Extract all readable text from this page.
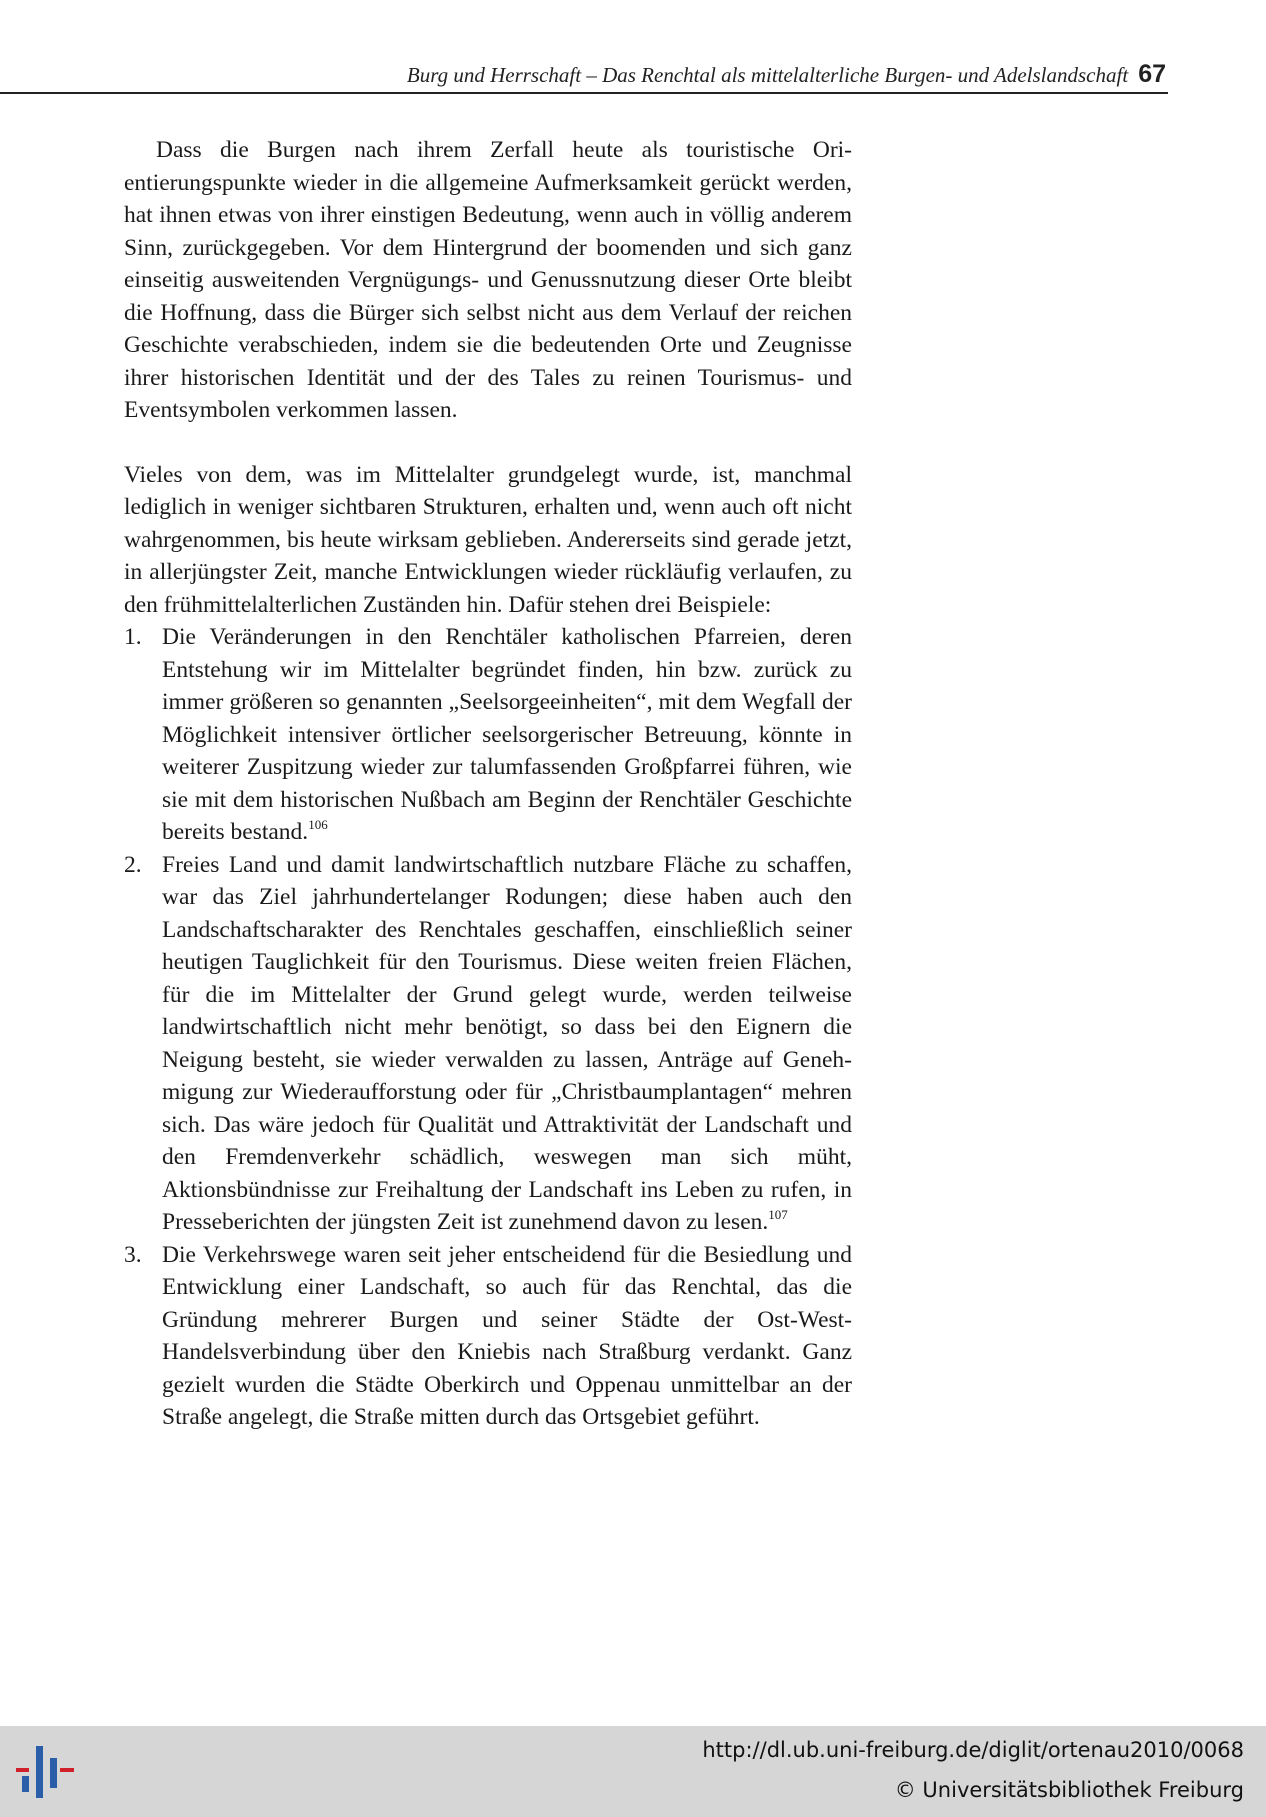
Burg und Herrschaft – Das Renchtal als mittelalterliche Burgen- und Adelslandschaft 67

Dass die Burgen nach ihrem Zerfall heute als touristische Orientierungspunkte wieder in die allgemeine Aufmerksamkeit gerückt werden, hat ihnen etwas von ihrer einstigen Bedeutung, wenn auch in völlig anderem Sinn, zurückgegeben. Vor dem Hintergrund der boomenden und sich ganz einseitig ausweitenden Vergnügungs- und Genussnutzung dieser Orte bleibt die Hoffnung, dass die Bürger sich selbst nicht aus dem Verlauf der reichen Geschichte verabschieden, indem sie die bedeutenden Orte und Zeugnisse ihrer historischen Identität und der des Tales zu reinen Tourismus- und Eventsymbolen verkommen lassen.

Vieles von dem, was im Mittelalter grundgelegt wurde, ist, manchmal lediglich in weniger sichtbaren Strukturen, erhalten und, wenn auch oft nicht wahrgenommen, bis heute wirksam geblieben. Andererseits sind gerade jetzt, in allerjüngster Zeit, manche Entwicklungen wieder rückläufig verlaufen, zu den frühmittelalterlichen Zuständen hin. Dafür stehen drei Beispiele:

1. Die Veränderungen in den Renchtäler katholischen Pfarreien, deren Entstehung wir im Mittelalter begründet finden, hin bzw. zurück zu immer größeren so genannten „Seelsorgeeinheiten“, mit dem Wegfall der Möglichkeit intensiver örtlicher seelsorgerischer Betreuung, könnte in weiterer Zuspitzung wieder zur talumfassenden Großpfarrei führen, wie sie mit dem historischen Nußbach am Beginn der Renchtäler Geschichte bereits bestand.$^{106}$
2. Freies Land und damit landwirtschaftlich nutzbare Fläche zu schaffen, war das Ziel jahrhundertelanger Rodungen; diese haben auch den Landschaftscharakter des Renchtales geschaffen, einschließlich seiner heutigen Tauglichkeit für den Tourismus. Diese weiten freien Flächen, für die im Mittelalter der Grund gelegt wurde, werden teilweise landwirtschaftlich nicht mehr benötigt, so dass bei den Eignern die Neigung besteht, sie wieder verwalden zu lassen, Anträge auf Genehmigung zur Wiederaufforstung oder für „Christbaumplantagen“ mehren sich. Das wäre jedoch für Qualität und Attraktivität der Landschaft und den Fremdenverkehr schädlich, weswegen man sich müht, Aktionsbündnisse zur Freihaltung der Landschaft ins Leben zu rufen, in Presseberichten der jüngsten Zeit ist zunehmend davon zu lesen.$^{107}$
3. Die Verkehrswege waren seit jeher entscheidend für die Besiedlung und Entwicklung einer Landschaft, so auch für das Renchtal, das die Gründung mehrerer Burgen und seiner Städte der Ost-West-Handelsverbindung über den Kniebis nach Straßburg verdankt. Ganz gezielt wurden die Städte Oberkirch und Oppenau unmittelbar an der Straße angelegt, die Straße mitten durch das Ortsgebiet geführt.
http://dl.ub.uni-freiburg.de/diglit/ortenau2010/0068
© Universitätsbibliothek Freiburg
